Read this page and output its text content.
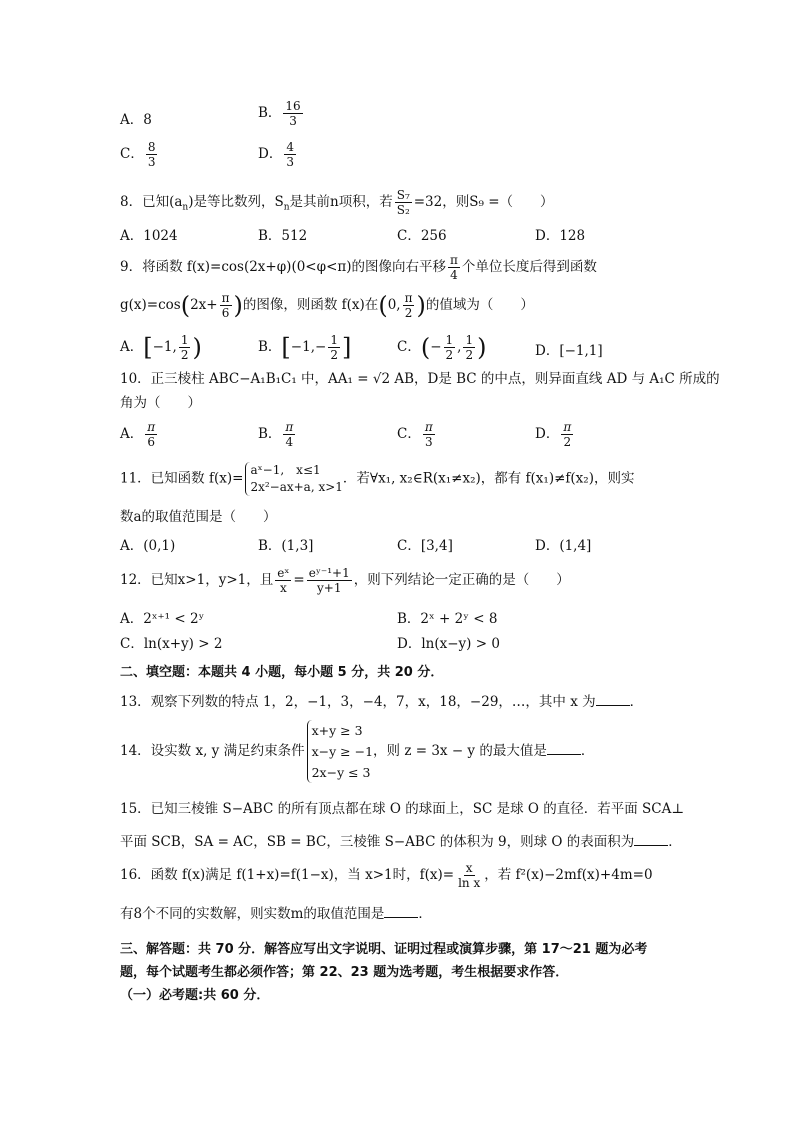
A．8	B． $\frac{16}{3}$
C． $\frac{8}{3}$	D． $\frac{4}{3}$
8．已知$(a_n)$是等比数列，$S_n$是其前n项积，若 $\frac{\text{S₇}}{\text{S₂}} =32$，则S₉ =（　　）
A．1024	B．512	C．256	D．128
9．将函数 f(x)=cos(2x+φ)(0<φ<π)的图像向右平移 $\frac{\pi}{4}$ 个单位长度后得到函数
$g(x)=\cos(2x+ \frac{\pi}{6}$ )的图像，则函数 f(x)在(0, $\frac{\pi}{2}$ )的值域为（　　）
A．[−1, $\frac{1}{2}$ )	B．[$-1,- \frac{1}{2}$ ]	C．(− $\frac{1}{2}$ , $\frac{1}{2}$ )	D．[−1,1]
10．正三棱柱 ABC−A₁B₁C₁ 中，AA₁ = √2 AB，D是 BC 的中点，则异面直线 AD 与 A₁C 所成的
角为（　　）
A． $\frac{\pi}{6}$	B． $\frac{\pi}{4}$	C． $\frac{\pi}{3}$	D． $\frac{\pi}{2}$
11．已知函数 f(x)=aˣ−1,　x≤1
2x²−ax+a, x>1．若∀x₁, x₂∈R(x₁≠x₂)，都有 f(x₁)≠f(x₂)，则实
数a的取值范围是（　　）
A．(0,1)	B．(1,3]	C．[3,4]	D．(1,4]
12．已知x>1，y>1，且 $\frac{\text{eˣ}}{x} = \frac{\text{eʸ⁻¹+1}}{y+1}$ ，则下列结论一定正确的是（　　）
A．2ˣ⁺¹ < 2ʸ	B．2ˣ + 2ʸ < 8
C．ln(x+y) > 2	D．ln(x−y) > 0
二、填空题：本题共 4 小题，每小题 5 分，共 20 分．
13．观察下列数的特点 1，2，−1，3，−4，7，x，18，−29，…，其中 x 为	．
14．设实数 x, y 满足约束条件x+y ≥ 3
x−y ≥ −1
2x−y ≤ 3，则 z = 3x − y 的最大值是	．
15．已知三棱锥 S−ABC 的所有顶点都在球 O 的球面上，SC 是球 O 的直径．若平面 SCA⊥
平面 SCB，SA = AC，SB = BC，三棱锥 S−ABC 的体积为 9，则球 O 的表面积为	．
16．函数 f(x)满足 f(1+x)=f(1−x)，当 x>1时，$f(x)= \frac{x}{\text{ln x}}$ ，若 f²(x)−2mf(x)+4m=0
有8个不同的实数解，则实数m的取值范围是	．
三、解答题：共 70 分．解答应写出文字说明、证明过程或演算步骤，第 17～21 题为必考
题，每个试题考生都必须作答；第 22、23 题为选考题，考生根据要求作答．
（一）必考题:共 60 分．
